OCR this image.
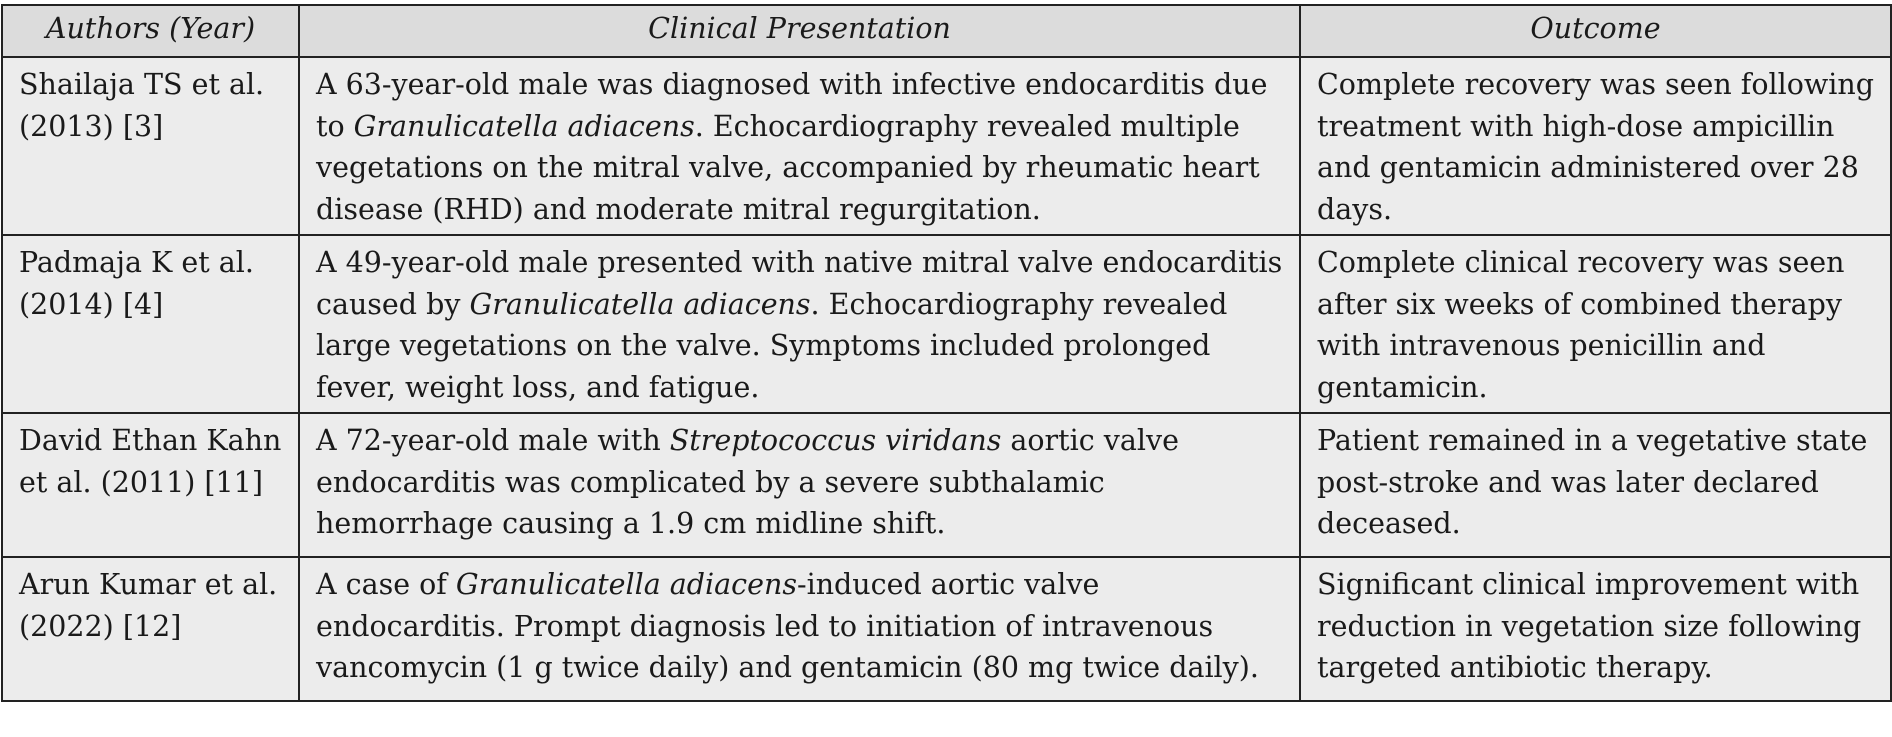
Authors (Year)	Clinical Presentation	Outcome
Shailaja TS et al. (2013) [3]	A 63-year-old male was diagnosed with infective endocarditis due to Granulicatella adiacens. Echocardiography revealed multiple vegetations on the mitral valve, accompanied by rheumatic heart disease (RHD) and moderate mitral regurgitation.	Complete recovery was seen following treatment with high-dose ampicillin and gentamicin administered over 28 days.
Padmaja K et al. (2014) [4]	A 49-year-old male presented with native mitral valve endocarditis caused by Granulicatella adiacens. Echocardiography revealed large vegetations on the valve. Symptoms included prolonged fever, weight loss, and fatigue.	Complete clinical recovery was seen after six weeks of combined therapy with intravenous penicillin and gentamicin.
David Ethan Kahn et al. (2011) [11]	A 72-year-old male with Streptococcus viridans aortic valve endocarditis was complicated by a severe subthalamic hemorrhage causing a 1.9 cm midline shift.	Patient remained in a vegetative state post-stroke and was later declared deceased.
Arun Kumar et al. (2022) [12]	A case of Granulicatella adiacens-induced aortic valve endocarditis. Prompt diagnosis led to initiation of intravenous vancomycin (1 g twice daily) and gentamicin (80 mg twice daily).	Significant clinical improvement with reduction in vegetation size following targeted antibiotic therapy.
